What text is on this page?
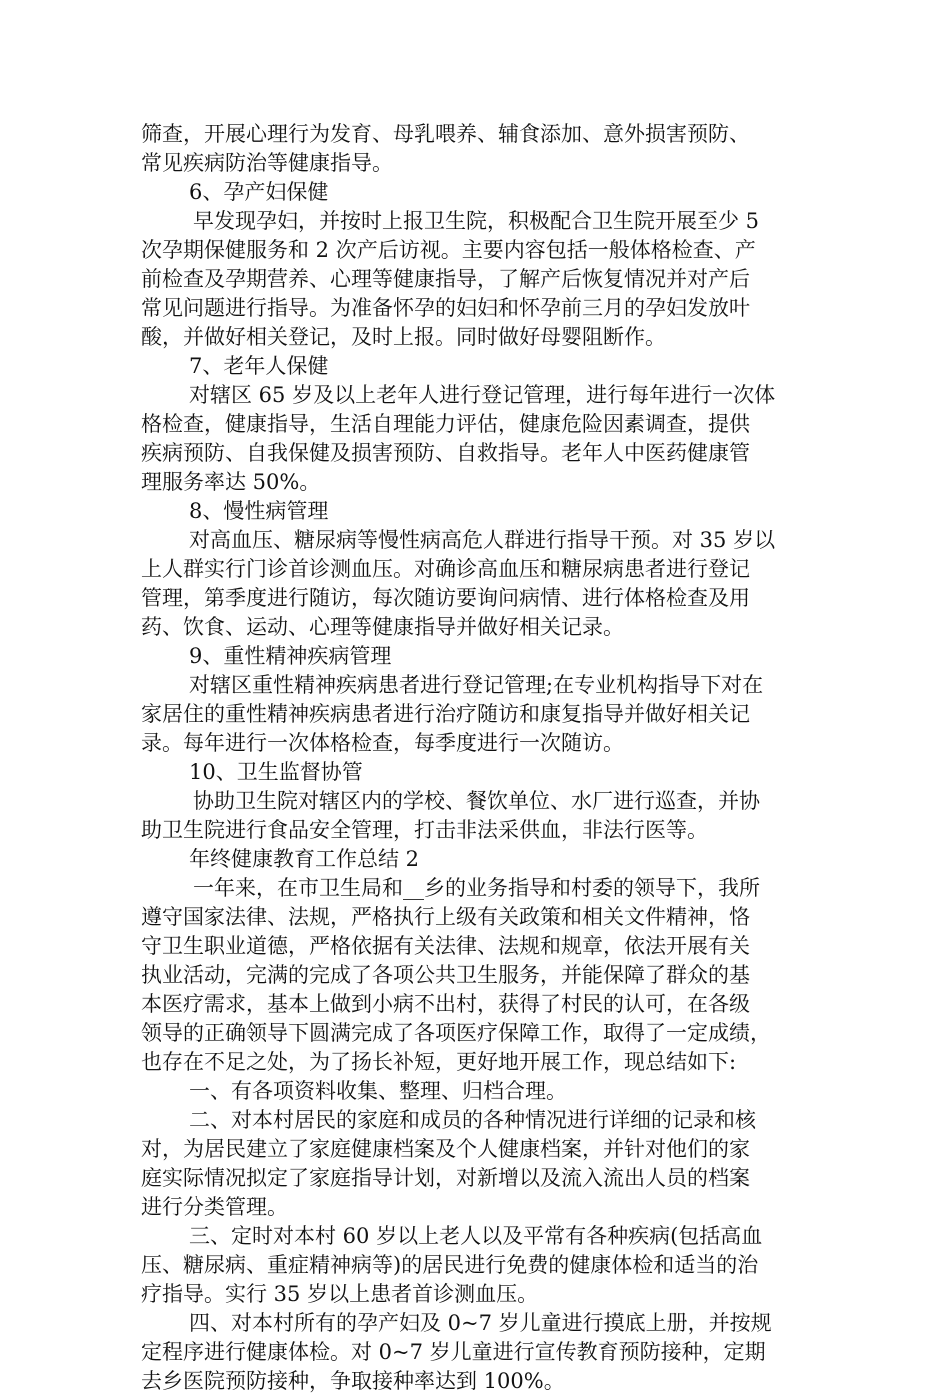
筛查，开展心理行为发育、母乳喂养、辅食添加、意外损害预防、
常见疾病防治等健康指导。
6、孕产妇保健
早发现孕妇，并按时上报卫生院，积极配合卫生院开展至少 5
次孕期保健服务和 2 次产后访视。主要内容包括一般体格检查、产
前检查及孕期营养、心理等健康指导，了解产后恢复情况并对产后
常见问题进行指导。为准备怀孕的妇妇和怀孕前三月的孕妇发放叶
酸，并做好相关登记，及时上报。同时做好母婴阻断作。
7、老年人保健
对辖区 65 岁及以上老年人进行登记管理，进行每年进行一次体
格检查，健康指导，生活自理能力评估，健康危险因素调查，提供
疾病预防、自我保健及损害预防、自救指导。老年人中医药健康管
理服务率达 50%。
8、慢性病管理
对高血压、糖尿病等慢性病高危人群进行指导干预。对 35 岁以
上人群实行门诊首诊测血压。对确诊高血压和糖尿病患者进行登记
管理，第季度进行随访，每次随访要询问病情、进行体格检查及用
药、饮食、运动、心理等健康指导并做好相关记录。
9、重性精神疾病管理
对辖区重性精神疾病患者进行登记管理;在专业机构指导下对在
家居住的重性精神疾病患者进行治疗随访和康复指导并做好相关记
录。每年进行一次体格检查，每季度进行一次随访。
10、卫生监督协管
协助卫生院对辖区内的学校、餐饮单位、水厂进行巡查，并协
助卫生院进行食品安全管理，打击非法采供血，非法行医等。
年终健康教育工作总结 2
一年来，在市卫生局和__乡的业务指导和村委的领导下，我所
遵守国家法律、法规，严格执行上级有关政策和相关文件精神，恪
守卫生职业道德，严格依据有关法律、法规和规章，依法开展有关
执业活动，完满的完成了各项公共卫生服务，并能保障了群众的基
本医疗需求，基本上做到小病不出村，获得了村民的认可，在各级
领导的正确领导下圆满完成了各项医疗保障工作，取得了一定成绩，
也存在不足之处，为了扬长补短，更好地开展工作，现总结如下:
一、有各项资料收集、整理、归档合理。
二、对本村居民的家庭和成员的各种情况进行详细的记录和核
对，为居民建立了家庭健康档案及个人健康档案，并针对他们的家
庭实际情况拟定了家庭指导计划，对新增以及流入流出人员的档案
进行分类管理。
三、定时对本村 60 岁以上老人以及平常有各种疾病(包括高血
压、糖尿病、重症精神病等)的居民进行免费的健康体检和适当的治
疗指导。实行 35 岁以上患者首诊测血压。
四、对本村所有的孕产妇及 0~7 岁儿童进行摸底上册，并按规
定程序进行健康体检。对 0~7 岁儿童进行宣传教育预防接种，定期
去乡医院预防接种，争取接种率达到 100%。
